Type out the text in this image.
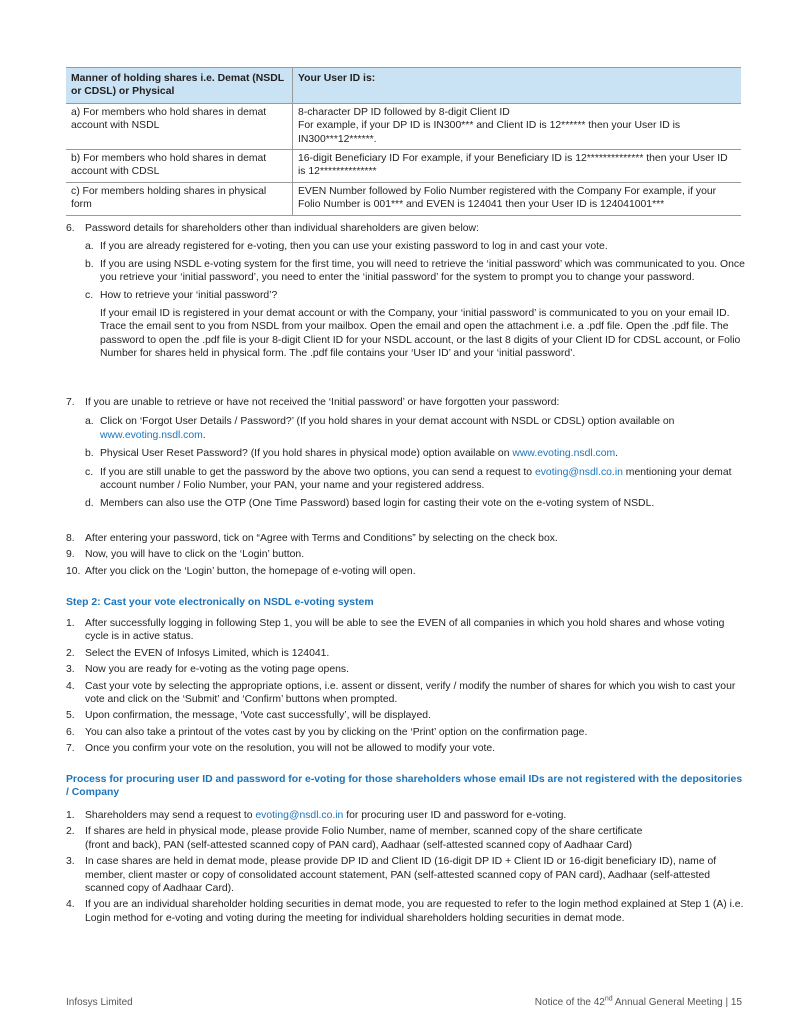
Manner of holding shares i.e. Demat (NSDL or CDSL) or Physical	Your User ID is:
a) For members who hold shares in demat account with NSDL	8-character DP ID followed by 8-digit Client ID
For example, if your DP ID is IN300*** and Client ID is 12****** then your User ID is IN300***12******.

b) For members who hold shares in demat account with CDSL	16-digit Beneficiary ID For example, if your Beneficiary ID is 12************** then your User ID is 12**************
c) For members holding shares in physical form	EVEN Number followed by Folio Number registered with the Company For example, if your Folio Number is 001*** and EVEN is 124041 then your User ID is 124041001***

6. Password details for shareholders other than individual shareholders are given below:

a. If you are already registered for e-voting, then you can use your existing password to log in and cast your vote.

b. If you are using NSDL e-voting system for the first time, you will need to retrieve the ‘initial password’ which was communicated to you. Once you retrieve your ‘initial password’, you need to enter the ‘initial password’ for the system to prompt you to change your password.

c. How to retrieve your ‘initial password’?

If your email ID is registered in your demat account or with the Company, your ‘initial password’ is communicated to you on your email ID. Trace the email sent to you from NSDL from your mailbox. Open the email and open the attachment i.e. a .pdf file. Open the .pdf file. The password to open the .pdf file is your 8-digit Client ID for your NSDL account, or the last 8 digits of your Client ID for CDSL account, or Folio Number for shares held in physical form. The .pdf file contains your ‘User ID’ and your ‘initial password’.

7. If you are unable to retrieve or have not received the ‘Initial password’ or have forgotten your password:

a. Click on ‘Forgot User Details / Password?’ (If you hold shares in your demat account with NSDL or CDSL) option available on www.evoting.nsdl.com.

b. Physical User Reset Password? (If you hold shares in physical mode) option available on www.evoting.nsdl.com.

c. If you are still unable to get the password by the above two options, you can send a request to evoting@nsdl.co.in mentioning your demat account number / Folio Number, your PAN, your name and your registered address.

d. Members can also use the OTP (One Time Password) based login for casting their vote on the e-voting system of NSDL.

8. After entering your password, tick on “Agree with Terms and Conditions” by selecting on the check box.

9. Now, you will have to click on the ‘Login’ button.

10. After you click on the ‘Login’ button, the homepage of e-voting will open.

Step 2: Cast your vote electronically on NSDL e-voting system

1. After successfully logging in following Step 1, you will be able to see the EVEN of all companies in which you hold shares and whose voting cycle is in active status.

2. Select the EVEN of Infosys Limited, which is 124041.

3. Now you are ready for e-voting as the voting page opens.

4. Cast your vote by selecting the appropriate options, i.e. assent or dissent, verify / modify the number of shares for which you wish to cast your vote and click on the ‘Submit’ and ‘Confirm’ buttons when prompted.

5. Upon confirmation, the message, ‘Vote cast successfully’, will be displayed.

6. You can also take a printout of the votes cast by you by clicking on the ‘Print’ option on the confirmation page.

7. Once you confirm your vote on the resolution, you will not be allowed to modify your vote.

Process for procuring user ID and password for e-voting for those shareholders whose email IDs are not registered with the depositories / Company

1. Shareholders may send a request to evoting@nsdl.co.in for procuring user ID and password for e-voting.

2. If shares are held in physical mode, please provide Folio Number, name of member, scanned copy of the share certificate
(front and back), PAN (self-attested scanned copy of PAN card), Aadhaar (self-attested scanned copy of Aadhaar Card)

3. In case shares are held in demat mode, please provide DP ID and Client ID (16-digit DP ID + Client ID or 16-digit beneficiary ID), name of member, client master or copy of consolidated account statement, PAN (self-attested scanned copy of PAN card), Aadhaar (self-attested scanned copy of Aadhaar Card).

4. If you are an individual shareholder holding securities in demat mode, you are requested to refer to the login method explained at Step 1 (A) i.e. Login method for e-voting and voting during the meeting for individual shareholders holding securities in demat mode.

Infosys Limited	Notice of the 42nd Annual General Meeting | 15
